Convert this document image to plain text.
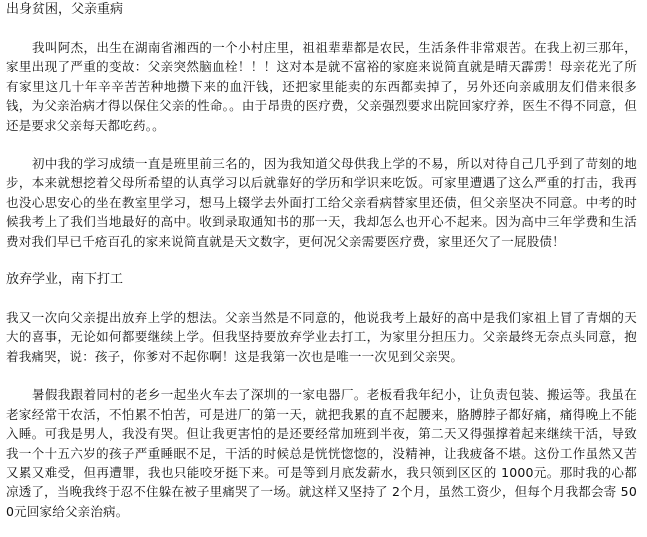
出身贫困，父亲重病

我叫阿杰，出生在湖南省湘西的一个小村庄里，祖祖辈辈都是农民，生活条件非常艰苦。在我上初三那年，家里出现了严重的变故：父亲突然脑血栓！！！这对本是就不富裕的家庭来说简直就是晴天霹雳！母亲花光了所有家里这几十年辛辛苦苦种地攒下来的血汗钱，还把家里能卖的东西都卖掉了，另外还向亲戚朋友们借来很多钱，为父亲治病才得以保住父亲的性命。。由于昂贵的医疗费，父亲强烈要求出院回家疗养，医生不得不同意，但还是要求父亲每天都吃药。。

初中我的学习成绩一直是班里前三名的，因为我知道父母供我上学的不易，所以对待自己几乎到了苛刻的地步，本来就想挖着父母所希望的认真学习以后就靠好的学历和学识来吃饭。可家里遭遇了这么严重的打击，我再也没心思安心的坐在教室里学习，想马上辍学去外面打工给父亲看病替家里还债，但父亲坚决不同意。中考的时候我考上了我们当地最好的高中。收到录取通知书的那一天，我却怎么也开心不起来。因为高中三年学费和生活费对我们早已千疮百孔的家来说简直就是天文数字，更何况父亲需要医疗费，家里还欠了一屁股债！

放弃学业，南下打工

我又一次向父亲提出放弃上学的想法。父亲当然是不同意的，他说我考上最好的高中是我们家祖上冒了青烟的天大的喜事，无论如何都要继续上学。但我坚持要放弃学业去打工，为家里分担压力。父亲最终无奈点头同意，抱着我痛哭，说：孩子，你爹对不起你啊！这是我第一次也是唯一一次见到父亲哭。

暑假我跟着同村的老乡一起坐火车去了深圳的一家电器厂。老板看我年纪小，让负责包装、搬运等。我虽在老家经常干农活，不怕累不怕苦，可是进厂的第一天，就把我累的直不起腰来，胳膊脖子都好痛，痛得晚上不能入睡。可我是男人，我没有哭。但让我更害怕的是还要经常加班到半夜，第二天又得强撑着起来继续干活，导致我一个十五六岁的孩子严重睡眠不足，干活的时候总是恍恍惚惚的，没精神，让我疲备不堪。这份工作虽然又苦又累又难受，但再遭罪，我也只能咬牙挺下来。可是等到月底发薪水，我只领到区区的 1000元。那时我的心都凉透了，当晚我终于忍不住躲在被子里痛哭了一场。就这样又坚持了 2个月，虽然工资少，但每个月我都会寄 500元回家给父亲治病。
